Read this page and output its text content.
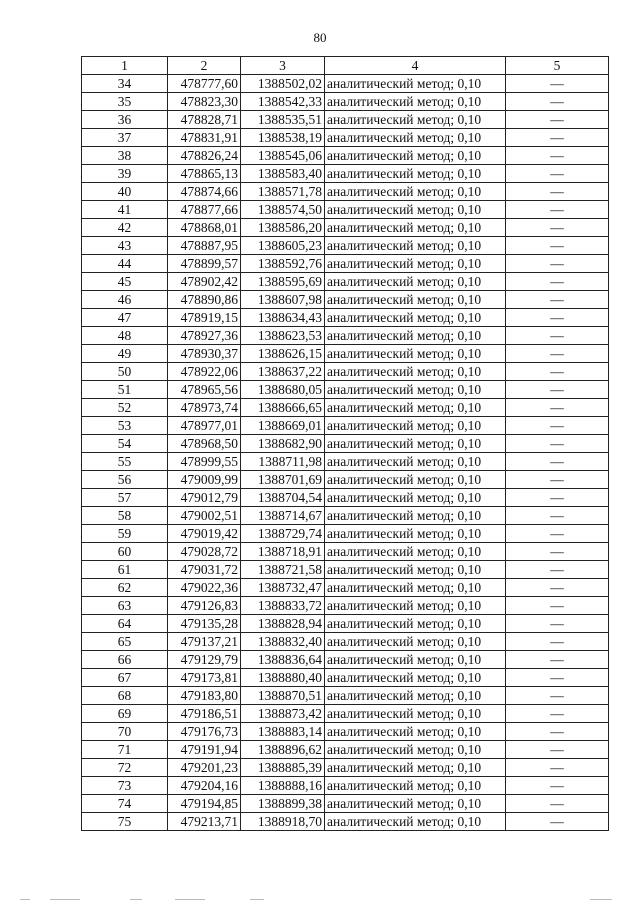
80
1	2	3	4	5
34	478777,60	1388502,02	аналитический метод; 0,10	—
35	478823,30	1388542,33	аналитический метод; 0,10	—
36	478828,71	1388535,51	аналитический метод; 0,10	—
37	478831,91	1388538,19	аналитический метод; 0,10	—
38	478826,24	1388545,06	аналитический метод; 0,10	—
39	478865,13	1388583,40	аналитический метод; 0,10	—
40	478874,66	1388571,78	аналитический метод; 0,10	—
41	478877,66	1388574,50	аналитический метод; 0,10	—
42	478868,01	1388586,20	аналитический метод; 0,10	—
43	478887,95	1388605,23	аналитический метод; 0,10	—
44	478899,57	1388592,76	аналитический метод; 0,10	—
45	478902,42	1388595,69	аналитический метод; 0,10	—
46	478890,86	1388607,98	аналитический метод; 0,10	—
47	478919,15	1388634,43	аналитический метод; 0,10	—
48	478927,36	1388623,53	аналитический метод; 0,10	—
49	478930,37	1388626,15	аналитический метод; 0,10	—
50	478922,06	1388637,22	аналитический метод; 0,10	—
51	478965,56	1388680,05	аналитический метод; 0,10	—
52	478973,74	1388666,65	аналитический метод; 0,10	—
53	478977,01	1388669,01	аналитический метод; 0,10	—
54	478968,50	1388682,90	аналитический метод; 0,10	—
55	478999,55	1388711,98	аналитический метод; 0,10	—
56	479009,99	1388701,69	аналитический метод; 0,10	—
57	479012,79	1388704,54	аналитический метод; 0,10	—
58	479002,51	1388714,67	аналитический метод; 0,10	—
59	479019,42	1388729,74	аналитический метод; 0,10	—
60	479028,72	1388718,91	аналитический метод; 0,10	—
61	479031,72	1388721,58	аналитический метод; 0,10	—
62	479022,36	1388732,47	аналитический метод; 0,10	—
63	479126,83	1388833,72	аналитический метод; 0,10	—
64	479135,28	1388828,94	аналитический метод; 0,10	—
65	479137,21	1388832,40	аналитический метод; 0,10	—
66	479129,79	1388836,64	аналитический метод; 0,10	—
67	479173,81	1388880,40	аналитический метод; 0,10	—
68	479183,80	1388870,51	аналитический метод; 0,10	—
69	479186,51	1388873,42	аналитический метод; 0,10	—
70	479176,73	1388883,14	аналитический метод; 0,10	—
71	479191,94	1388896,62	аналитический метод; 0,10	—
72	479201,23	1388885,39	аналитический метод; 0,10	—
73	479204,16	1388888,16	аналитический метод; 0,10	—
74	479194,85	1388899,38	аналитический метод; 0,10	—
75	479213,71	1388918,70	аналитический метод; 0,10	—
